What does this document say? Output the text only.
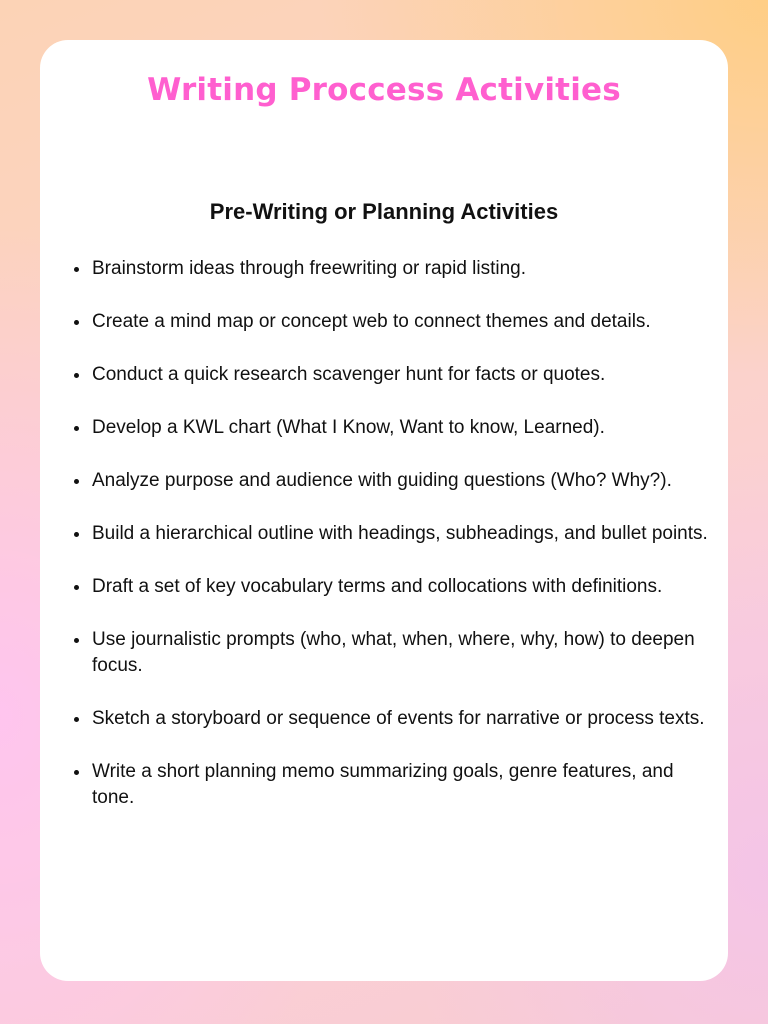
Writing Proccess Activities
Pre-Writing or Planning Activities
Brainstorm ideas through freewriting or rapid listing.
Create a mind map or concept web to connect themes and details.
Conduct a quick research scavenger hunt for facts or quotes.
Develop a KWL chart (What I Know, Want to know, Learned).
Analyze purpose and audience with guiding questions (Who? Why?).
Build a hierarchical outline with headings, subheadings, and bullet points.
Draft a set of key vocabulary terms and collocations with definitions.
Use journalistic prompts (who, what, when, where, why, how) to deepen focus.
Sketch a storyboard or sequence of events for narrative or process texts.
Write a short planning memo summarizing goals, genre features, and tone.
